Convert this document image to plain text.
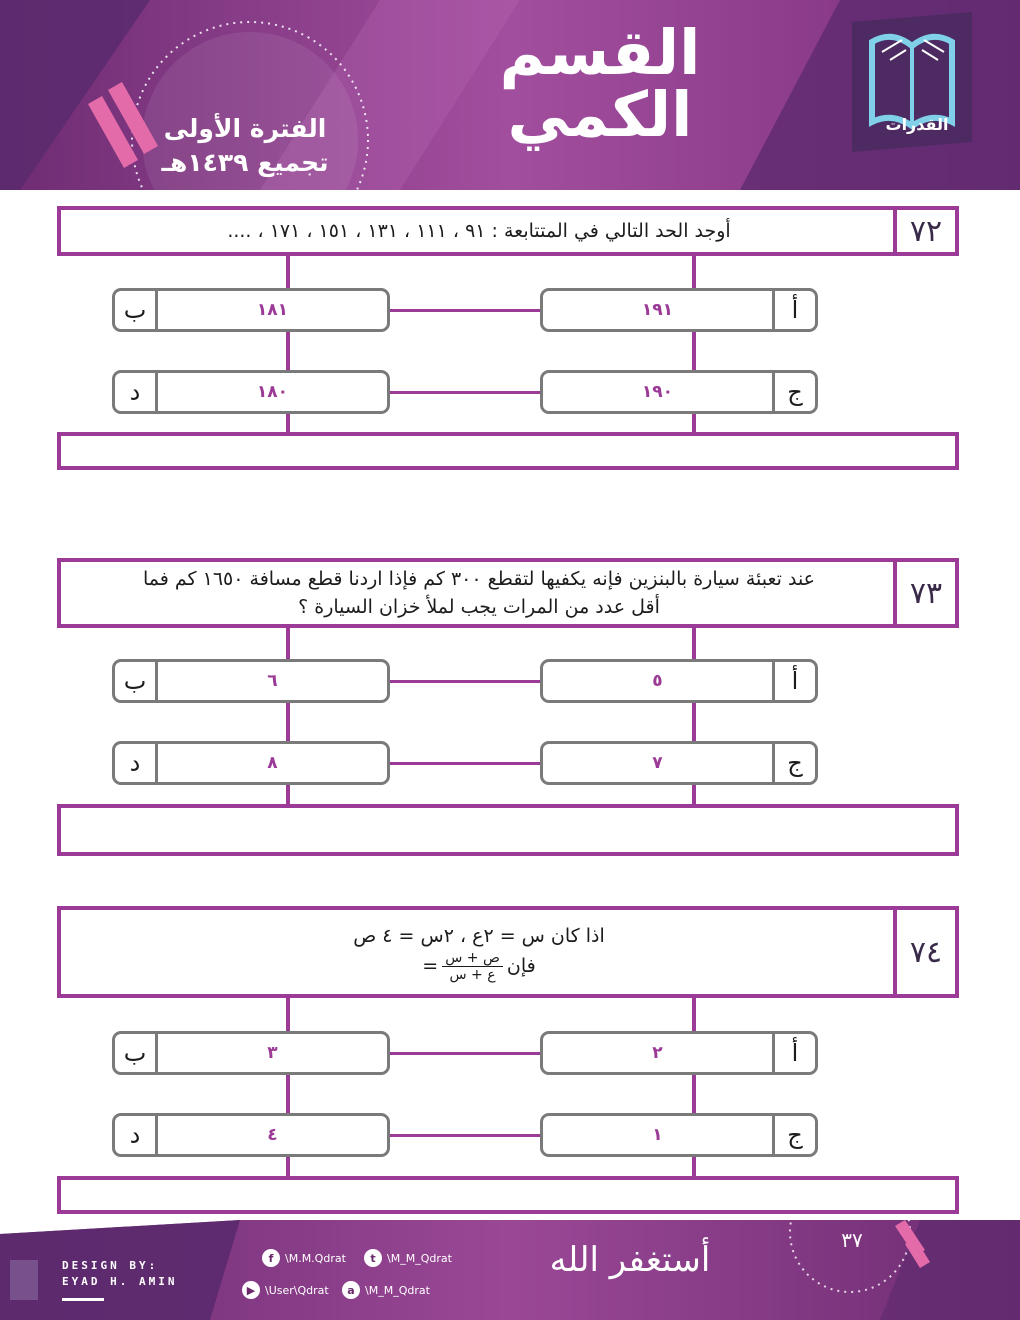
القسم
الكمي
الفترة الأولى
تجميع ١٤٣٩هـ
القدرات
٧٢
أوجد الحد التالي في المتتابعة : ٩١ ، ١١١ ، ١٣١ ، ١٥١ ، ١٧١ ، ....
١٩١	أ
ب	١٨١
١٩٠	ج
د	١٨٠
٧٣
عند تعبئة سيارة بالبنزين فإنه يكفيها لتقطع ٣٠٠ كم فإذا اردنا قطع مسافة ١٦٥٠ كم فما
أقل عدد من المرات يجب لملأ خزان السيارة ؟
٥	أ
ب	٦
٧	ج
د	٨
٧٤
اذا كان س = ٢ع ، ٢س = ٤ ص
فإن
$\frac{\text{ص + س}}{\text{ع + س}}$
=
٢	أ
ب	٣
١	ج
د	٤
DESIGN BY:
EYAD H. AMIN
f	\M.M.Qdrat	t	\M_M_Qdrat
▶ \User\Qdrat	a \M_M_Qdrat
أستغفر الله	٣٧
